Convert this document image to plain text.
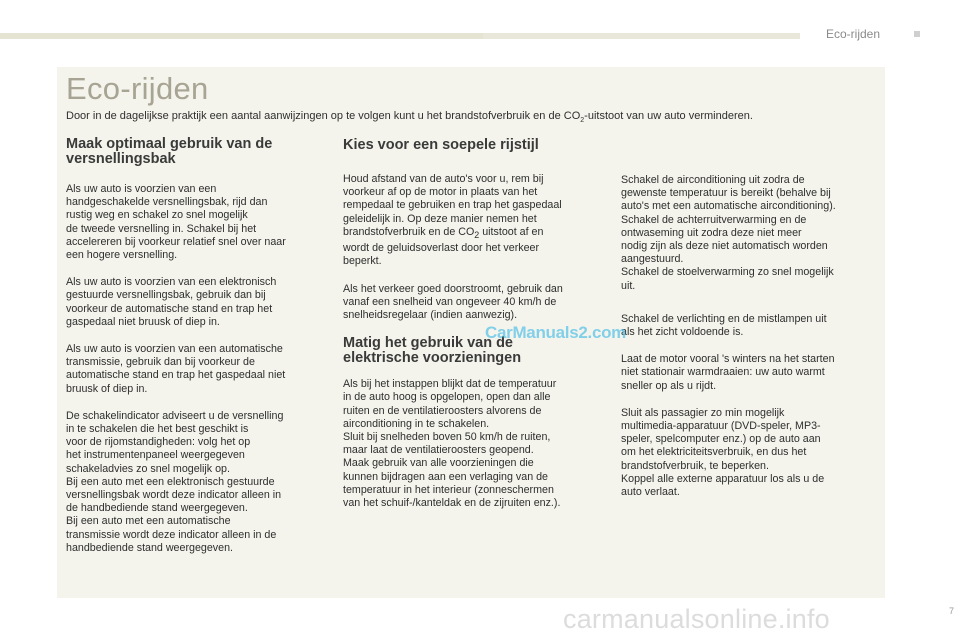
Eco-rijden
Eco-rijden
Door in de dagelijkse praktijk een aantal aanwijzingen op te volgen kunt u het brandstofverbruik en de $CO_2$-uitstoot van uw auto verminderen.
Maak optimaal gebruik van de
versnellingsbak

Als uw auto is voorzien van een
handgeschakelde versnellingsbak, rijd dan
rustig weg en schakel zo snel mogelijk
de tweede versnelling in. Schakel bij het
accelereren bij voorkeur relatief snel over naar
een hogere versnelling.

Als uw auto is voorzien van een elektronisch
gestuurde versnellingsbak, gebruik dan bij
voorkeur de automatische stand en trap het
gaspedaal niet bruusk of diep in.

Als uw auto is voorzien van een automatische
transmissie, gebruik dan bij voorkeur de
automatische stand en trap het gaspedaal niet
bruusk of diep in.

De schakelindicator adviseert u de versnelling
in te schakelen die het best geschikt is
voor de rijomstandigheden: volg het op
het instrumentenpaneel weergegeven
schakeladvies zo snel mogelijk op.
Bij een auto met een elektronisch gestuurde
versnellingsbak wordt deze indicator alleen in
de handbediende stand weergegeven.
Bij een auto met een automatische
transmissie wordt deze indicator alleen in de
handbediende stand weergegeven.

Kies voor een soepele rijstijl

Houd afstand van de auto's voor u, rem bij
voorkeur af op de motor in plaats van het
rempedaal te gebruiken en trap het gaspedaal
geleidelijk in. Op deze manier nemen het
brandstofverbruik en de $CO_2$ uitstoot af en
wordt de geluidsoverlast door het verkeer
beperkt.

Als het verkeer goed doorstroomt, gebruik dan
vanaf een snelheid van ongeveer 40 km/h de
snelheidsregelaar (indien aanwezig).

Matig het gebruik van de
elektrische voorzieningen

Als bij het instappen blijkt dat de temperatuur
in de auto hoog is opgelopen, open dan alle
ruiten en de ventilatieroosters alvorens de
airconditioning in te schakelen.
Sluit bij snelheden boven 50 km/h de ruiten,
maar laat de ventilatieroosters geopend.
Maak gebruik van alle voorzieningen die
kunnen bijdragen aan een verlaging van de
temperatuur in het interieur (zonneschermen
van het schuif-/kanteldak en de zijruiten enz.).

Schakel de airconditioning uit zodra de
gewenste temperatuur is bereikt (behalve bij
auto's met een automatische airconditioning).
Schakel de achterruitverwarming en de
ontwaseming uit zodra deze niet meer
nodig zijn als deze niet automatisch worden
aangestuurd.
Schakel de stoelverwarming zo snel mogelijk
uit.

Schakel de verlichting en de mistlampen uit
als het zicht voldoende is.

Laat de motor vooral 's winters na het starten
niet stationair warmdraaien: uw auto warmt
sneller op als u rijdt.

Sluit als passagier zo min mogelijk
multimedia-apparatuur (DVD-speler, MP3-
speler, spelcomputer enz.) op de auto aan
om het elektriciteitsverbruik, en dus het
brandstofverbruik, te beperken.
Koppel alle externe apparatuur los als u de
auto verlaat.

CarManuals2.com
carmanualsonline.info	7
